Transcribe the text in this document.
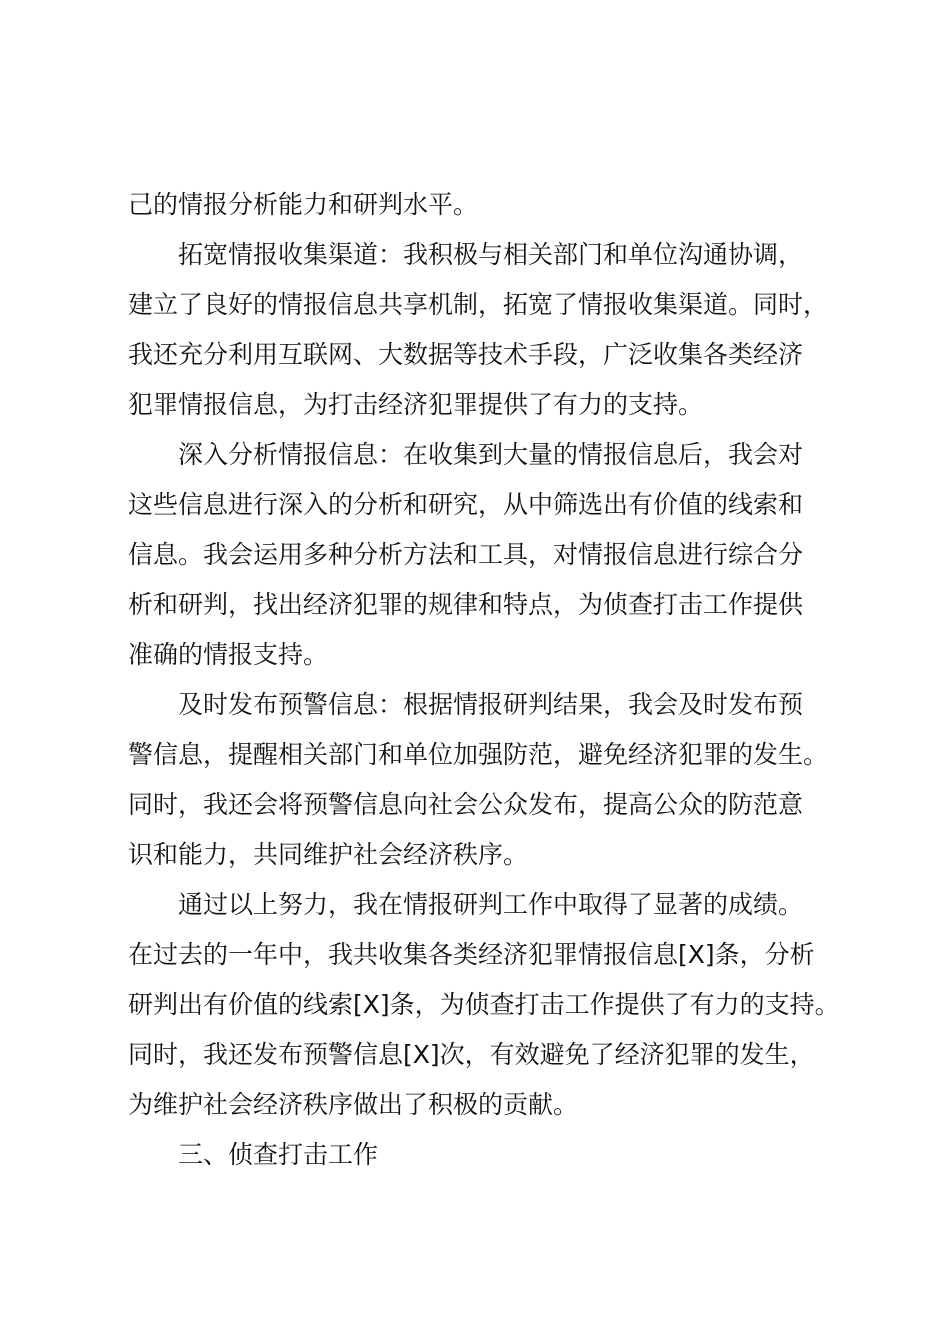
己的情报分析能力和研判水平。
拓宽情报收集渠道：我积极与相关部门和单位沟通协调，
建立了良好的情报信息共享机制，拓宽了情报收集渠道。同时，
我还充分利用互联网、大数据等技术手段，广泛收集各类经济
犯罪情报信息，为打击经济犯罪提供了有力的支持。
深入分析情报信息：在收集到大量的情报信息后，我会对
这些信息进行深入的分析和研究，从中筛选出有价值的线索和
信息。我会运用多种分析方法和工具，对情报信息进行综合分
析和研判，找出经济犯罪的规律和特点，为侦查打击工作提供
准确的情报支持。
及时发布预警信息：根据情报研判结果，我会及时发布预
警信息，提醒相关部门和单位加强防范，避免经济犯罪的发生。
同时，我还会将预警信息向社会公众发布，提高公众的防范意
识和能力，共同维护社会经济秩序。
通过以上努力，我在情报研判工作中取得了显著的成绩。
在过去的一年中，我共收集各类经济犯罪情报信息[X]条，分析
研判出有价值的线索[X]条，为侦查打击工作提供了有力的支持。
同时，我还发布预警信息[X]次，有效避免了经济犯罪的发生，
为维护社会经济秩序做出了积极的贡献。
三、侦查打击工作
